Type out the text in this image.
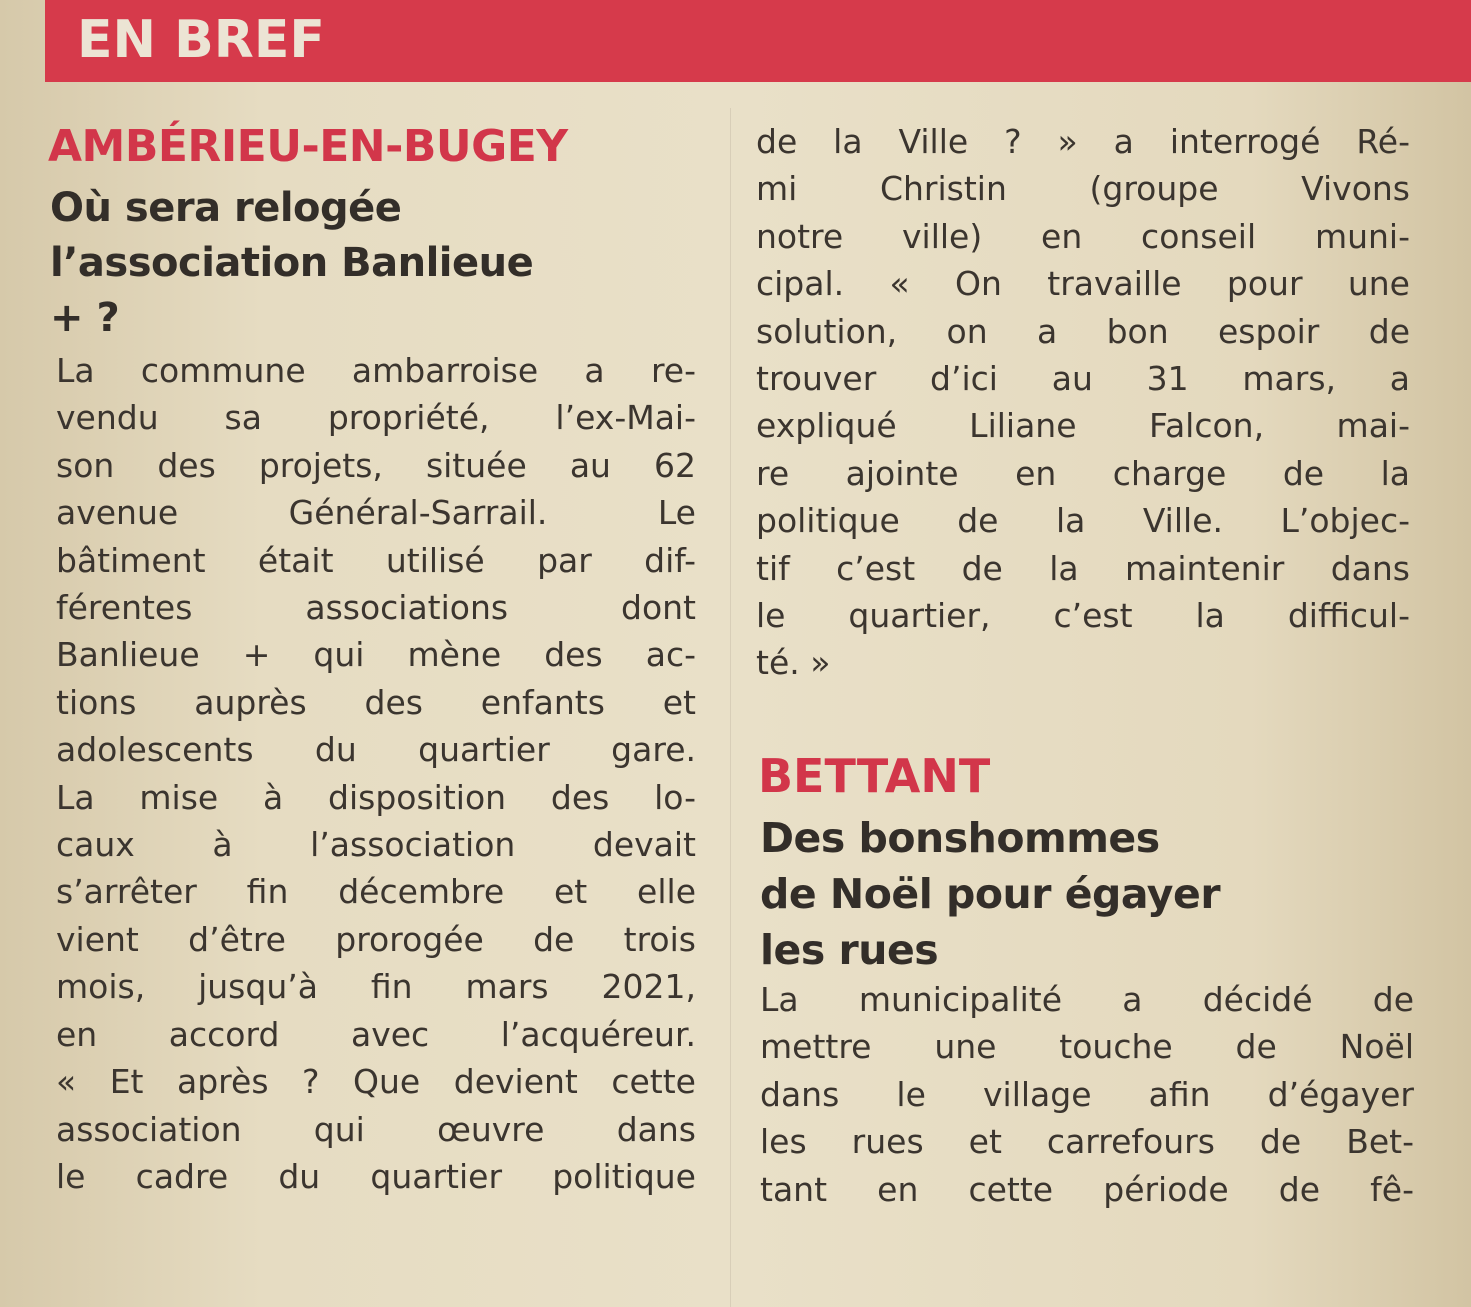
EN BREF
AMBÉRIEU-EN-BUGEY
Où sera relogée
l’association Banlieue
+ ?
La commune ambarroise a re-
vendu sa propriété, l’ex-Mai-
son des projets, située au 62
avenue Général-Sarrail. Le
bâtiment était utilisé par dif-
férentes associations dont
Banlieue + qui mène des ac-
tions auprès des enfants et
adolescents du quartier gare.
La mise à disposition des lo-
caux à l’association devait
s’arrêter fin décembre et elle
vient d’être prorogée de trois
mois, jusqu’à fin mars 2021,
en accord avec l’acquéreur.
« Et après ? Que devient cette
association qui œuvre dans
le cadre du quartier politique
de la Ville ? » a interrogé Ré-
mi Christin (groupe Vivons
notre ville) en conseil muni-
cipal. « On travaille pour une
solution, on a bon espoir de
trouver d’ici au 31 mars, a
expliqué Liliane Falcon, mai-
re ajointe en charge de la
politique de la Ville. L’objec-
tif c’est de la maintenir dans
le quartier, c’est la difficul-
té. »
BETTANT
Des bonshommes
de Noël pour égayer
les rues
La municipalité a décidé de
mettre une touche de Noël
dans le village afin d’égayer
les rues et carrefours de Bet-
tant en cette période de fê-
